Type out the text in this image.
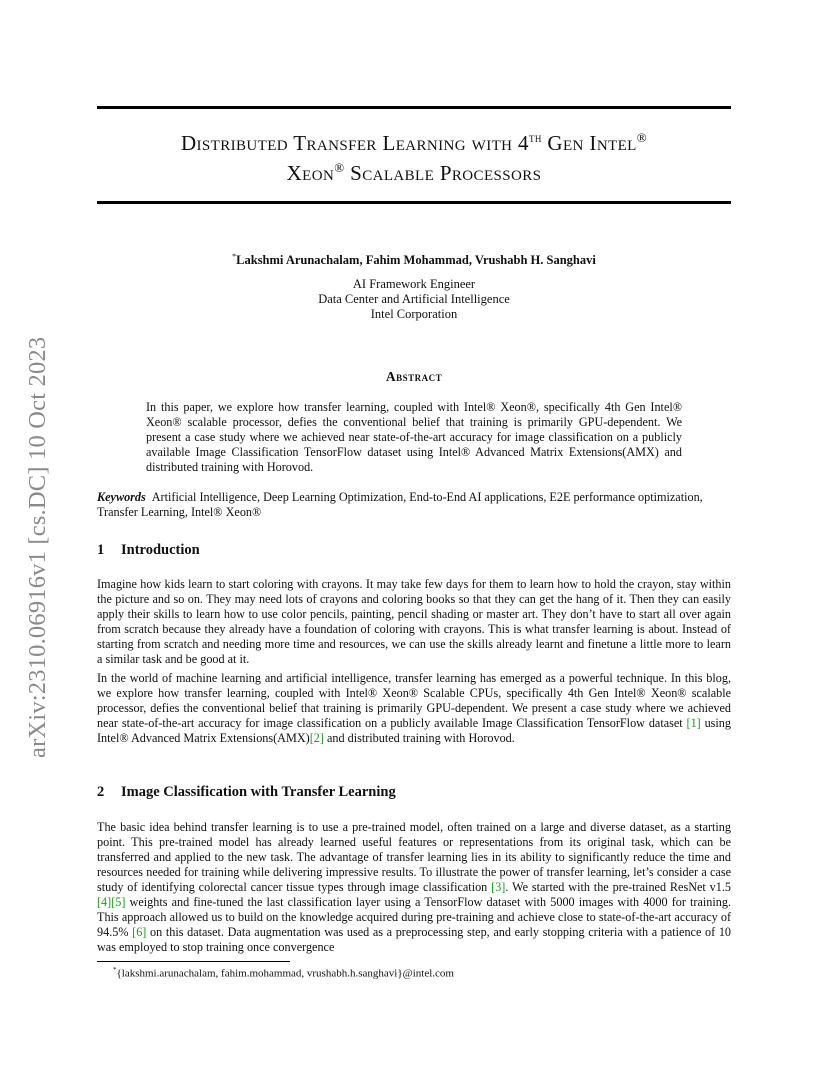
arXiv:2310.06916v1 [cs.DC] 10 Oct 2023
Distributed Transfer Learning with 4th Gen Intel®
Xeon® Scalable Processors
*Lakshmi Arunachalam, Fahim Mohammad, Vrushabh H. Sanghavi
AI Framework Engineer
Data Center and Artificial Intelligence
Intel Corporation
Abstract
In this paper, we explore how transfer learning, coupled with Intel® Xeon®, specifically 4th Gen Intel® Xeon® scalable processor, defies the conventional belief that training is primarily GPU-dependent. We present a case study where we achieved near state-of-the-art accuracy for image classification on a publicly available Image Classification TensorFlow dataset using Intel® Advanced Matrix Extensions(AMX) and distributed training with Horovod.
Keywords Artificial Intelligence, Deep Learning Optimization, End-to-End AI applications, E2E performance optimization, Transfer Learning, Intel® Xeon®
1 Introduction
Imagine how kids learn to start coloring with crayons. It may take few days for them to learn how to hold the crayon, stay within the picture and so on. They may need lots of crayons and coloring books so that they can get the hang of it. Then they can easily apply their skills to learn how to use color pencils, painting, pencil shading or master art. They don’t have to start all over again from scratch because they already have a foundation of coloring with crayons. This is what transfer learning is about. Instead of starting from scratch and needing more time and resources, we can use the skills already learnt and finetune a little more to learn a similar task and be good at it.
In the world of machine learning and artificial intelligence, transfer learning has emerged as a powerful technique. In this blog, we explore how transfer learning, coupled with Intel® Xeon® Scalable CPUs, specifically 4th Gen Intel® Xeon® scalable processor, defies the conventional belief that training is primarily GPU-dependent. We present a case study where we achieved near state-of-the-art accuracy for image classification on a publicly available Image Classification TensorFlow dataset [1] using Intel® Advanced Matrix Extensions(AMX)[2] and distributed training with Horovod.
2 Image Classification with Transfer Learning
The basic idea behind transfer learning is to use a pre-trained model, often trained on a large and diverse dataset, as a starting point. This pre-trained model has already learned useful features or representations from its original task, which can be transferred and applied to the new task. The advantage of transfer learning lies in its ability to significantly reduce the time and resources needed for training while delivering impressive results. To illustrate the power of transfer learning, let’s consider a case study of identifying colorectal cancer tissue types through image classification [3]. We started with the pre-trained ResNet v1.5 [4][5] weights and fine-tuned the last classification layer using a TensorFlow dataset with 5000 images with 4000 for training. This approach allowed us to build on the knowledge acquired during pre-training and achieve close to state-of-the-art accuracy of 94.5% [6] on this dataset. Data augmentation was used as a preprocessing step, and early stopping criteria with a patience of 10 was employed to stop training once convergence
*{lakshmi.arunachalam, fahim.mohammad, vrushabh.h.sanghavi}@intel.com
